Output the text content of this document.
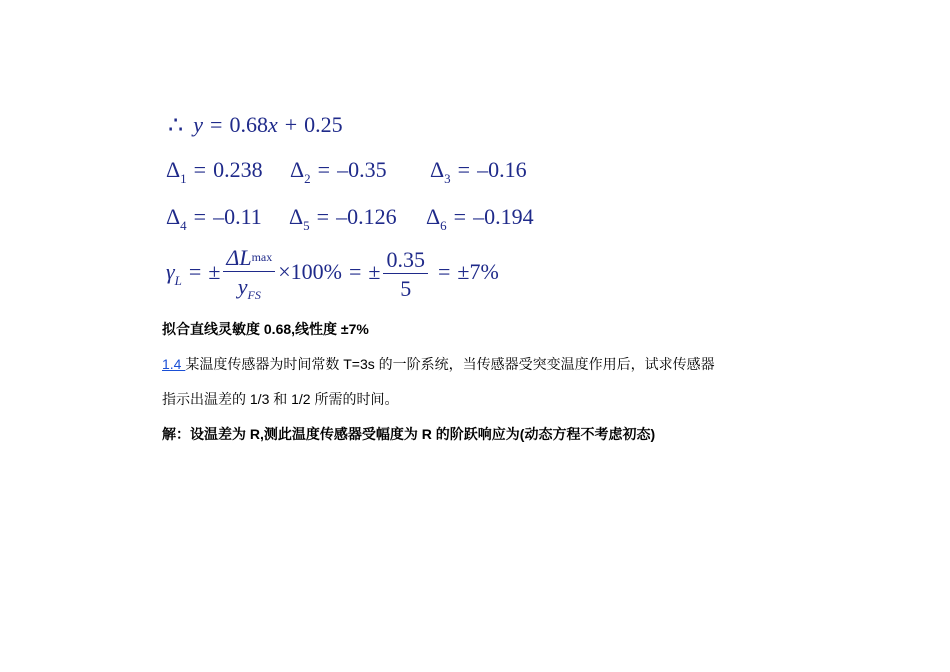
∴ y = 0.68x + 0.25
$\Delta_1 = 0.238$ $\Delta_2 = -0.35$ $\Delta_3 = -0.16$
$\Delta_4 = -0.11$ $\Delta_5 = -0.126$ $\Delta_6 = -0.194$
$\gamma_L$ = ± $\frac{\Delta Lmax}{y_{FS}} \times 100\%$ = ± $\frac{0.35}{5} = \pm 7\%$
拟合直线灵敏度 0.68,线性度 ±7%
1.4 某温度传感器为时间常数 T=3s 的一阶系统，当传感器受突变温度作用后，试求传感器
指示出温差的 1/3 和 1/2 所需的时间。
解：设温差为 R,测此温度传感器受幅度为 R 的阶跃响应为(动态方程不考虑初态)
